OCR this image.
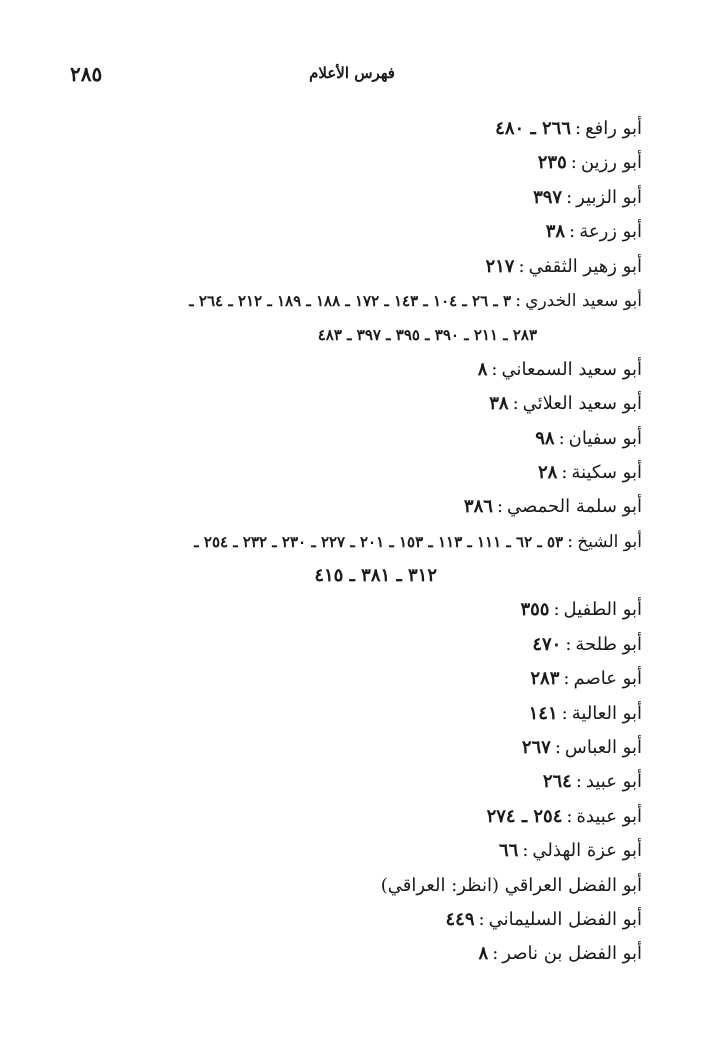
٢٨٥	فهرس الأعلام
أبو رافع:٢٦٦ ـ ٤٨٠
أبو رزين:٢٣٥
أبو الزبير:٣٩٧
أبو زرعة:٣٨
أبو زهير الثقفي:٢١٧
أبو سعيد الخدري:٣ ـ ٢٦ ـ ١٠٤ ـ ١٤٣ ـ ١٧٢ ـ ١٨٨ ـ ١٨٩ ـ ٢١٢ ـ ٢٦٤ ـ
٢٨٣ ـ ٢١١ ـ ٣٩٠ ـ ٣٩٥ ـ ٣٩٧ ـ ٤٨٣
أبو سعيد السمعاني:٨
أبو سعيد العلائي:٣٨
أبو سفيان:٩٨
أبو سكينة:٢٨
أبو سلمة الحمصي:٣٨٦
أبو الشيخ:٥٣ ـ ٦٢ ـ ١١١ ـ ١١٣ ـ ١٥٣ ـ ٢٠١ ـ ٢٢٧ ـ ٢٣٠ ـ ٢٣٢ ـ ٢٥٤ ـ
٣١٢ ـ ٣٨١ ـ ٤١٥
أبو الطفيل:٣٥٥
أبو طلحة:٤٧٠
أبو عاصم:٢٨٣
أبو العالية:١٤١
أبو العباس:٢٦٧
أبو عبيد:٢٦٤
أبو عبيدة:٢٥٤ ـ ٢٧٤
أبو عزة الهذلي:٦٦
أبو الفضل العراقي (انظر: العراقي)
أبو الفضل السليماني:٤٤٩
أبو الفضل بن ناصر:٨
